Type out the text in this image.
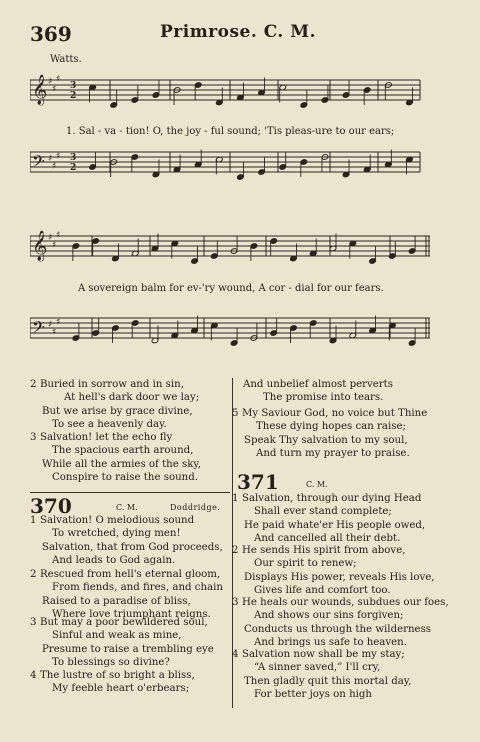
369	Primrose. C. M.
Watts.
𝄞 ♯
♯
♯
𝄢 ♯
♯
♯
3
2
3
2
1. Sal - va - tion! O, the joy - ful sound; 'Tis pleas-ure to our ears;
𝄞 ♯
♯
♯
𝄢 ♯
♯
♯
A sovereign balm for ev-'ry wound, A cor - dial for our fears.
2 Buried in sorrow and in sin,
At hell's dark door we lay;
But we arise by grace divine,
To see a heavenly day.
3 Salvation! let the echo fly
The spacious earth around,
While all the armies of the sky,
Conspire to raise the sound.
And unbelief almost perverts
The promise into tears.
5 My Saviour God, no voice but Thine
These dying hopes can raise;
Speak Thy salvation to my soul,
And turn my prayer to praise.
370	C. M.	Doddridge.
1 Salvation! O melodious sound
To wretched, dying men!
Salvation, that from God proceeds,
And leads to God again.
2 Rescued from hell's eternal gloom,
From fiends, and fires, and chain
Raised to a paradise of bliss,
Where love triumphant reigns.
3 But may a poor bewildered soul,
Sinful and weak as mine,
Presume to raise a trembling eye
To blessings so divine?
4 The lustre of so bright a bliss,
My feeble heart o'erbears;
371	C. M.
1 Salvation, through our dying Head
Shall ever stand complete;
He paid whate'er His people owed,
And cancelled all their debt.
2 He sends His spirit from above,
Our spirit to renew;
Displays His power, reveals His love,
Gives life and comfort too.
3 He heals our wounds, subdues our foes,
And shows our sins forgiven;
Conducts us through the wilderness
And brings us safe to heaven.
4 Salvation now shall be my stay;
“A sinner saved,” I'll cry,
Then gladly quit this mortal day,
For better joys on high
